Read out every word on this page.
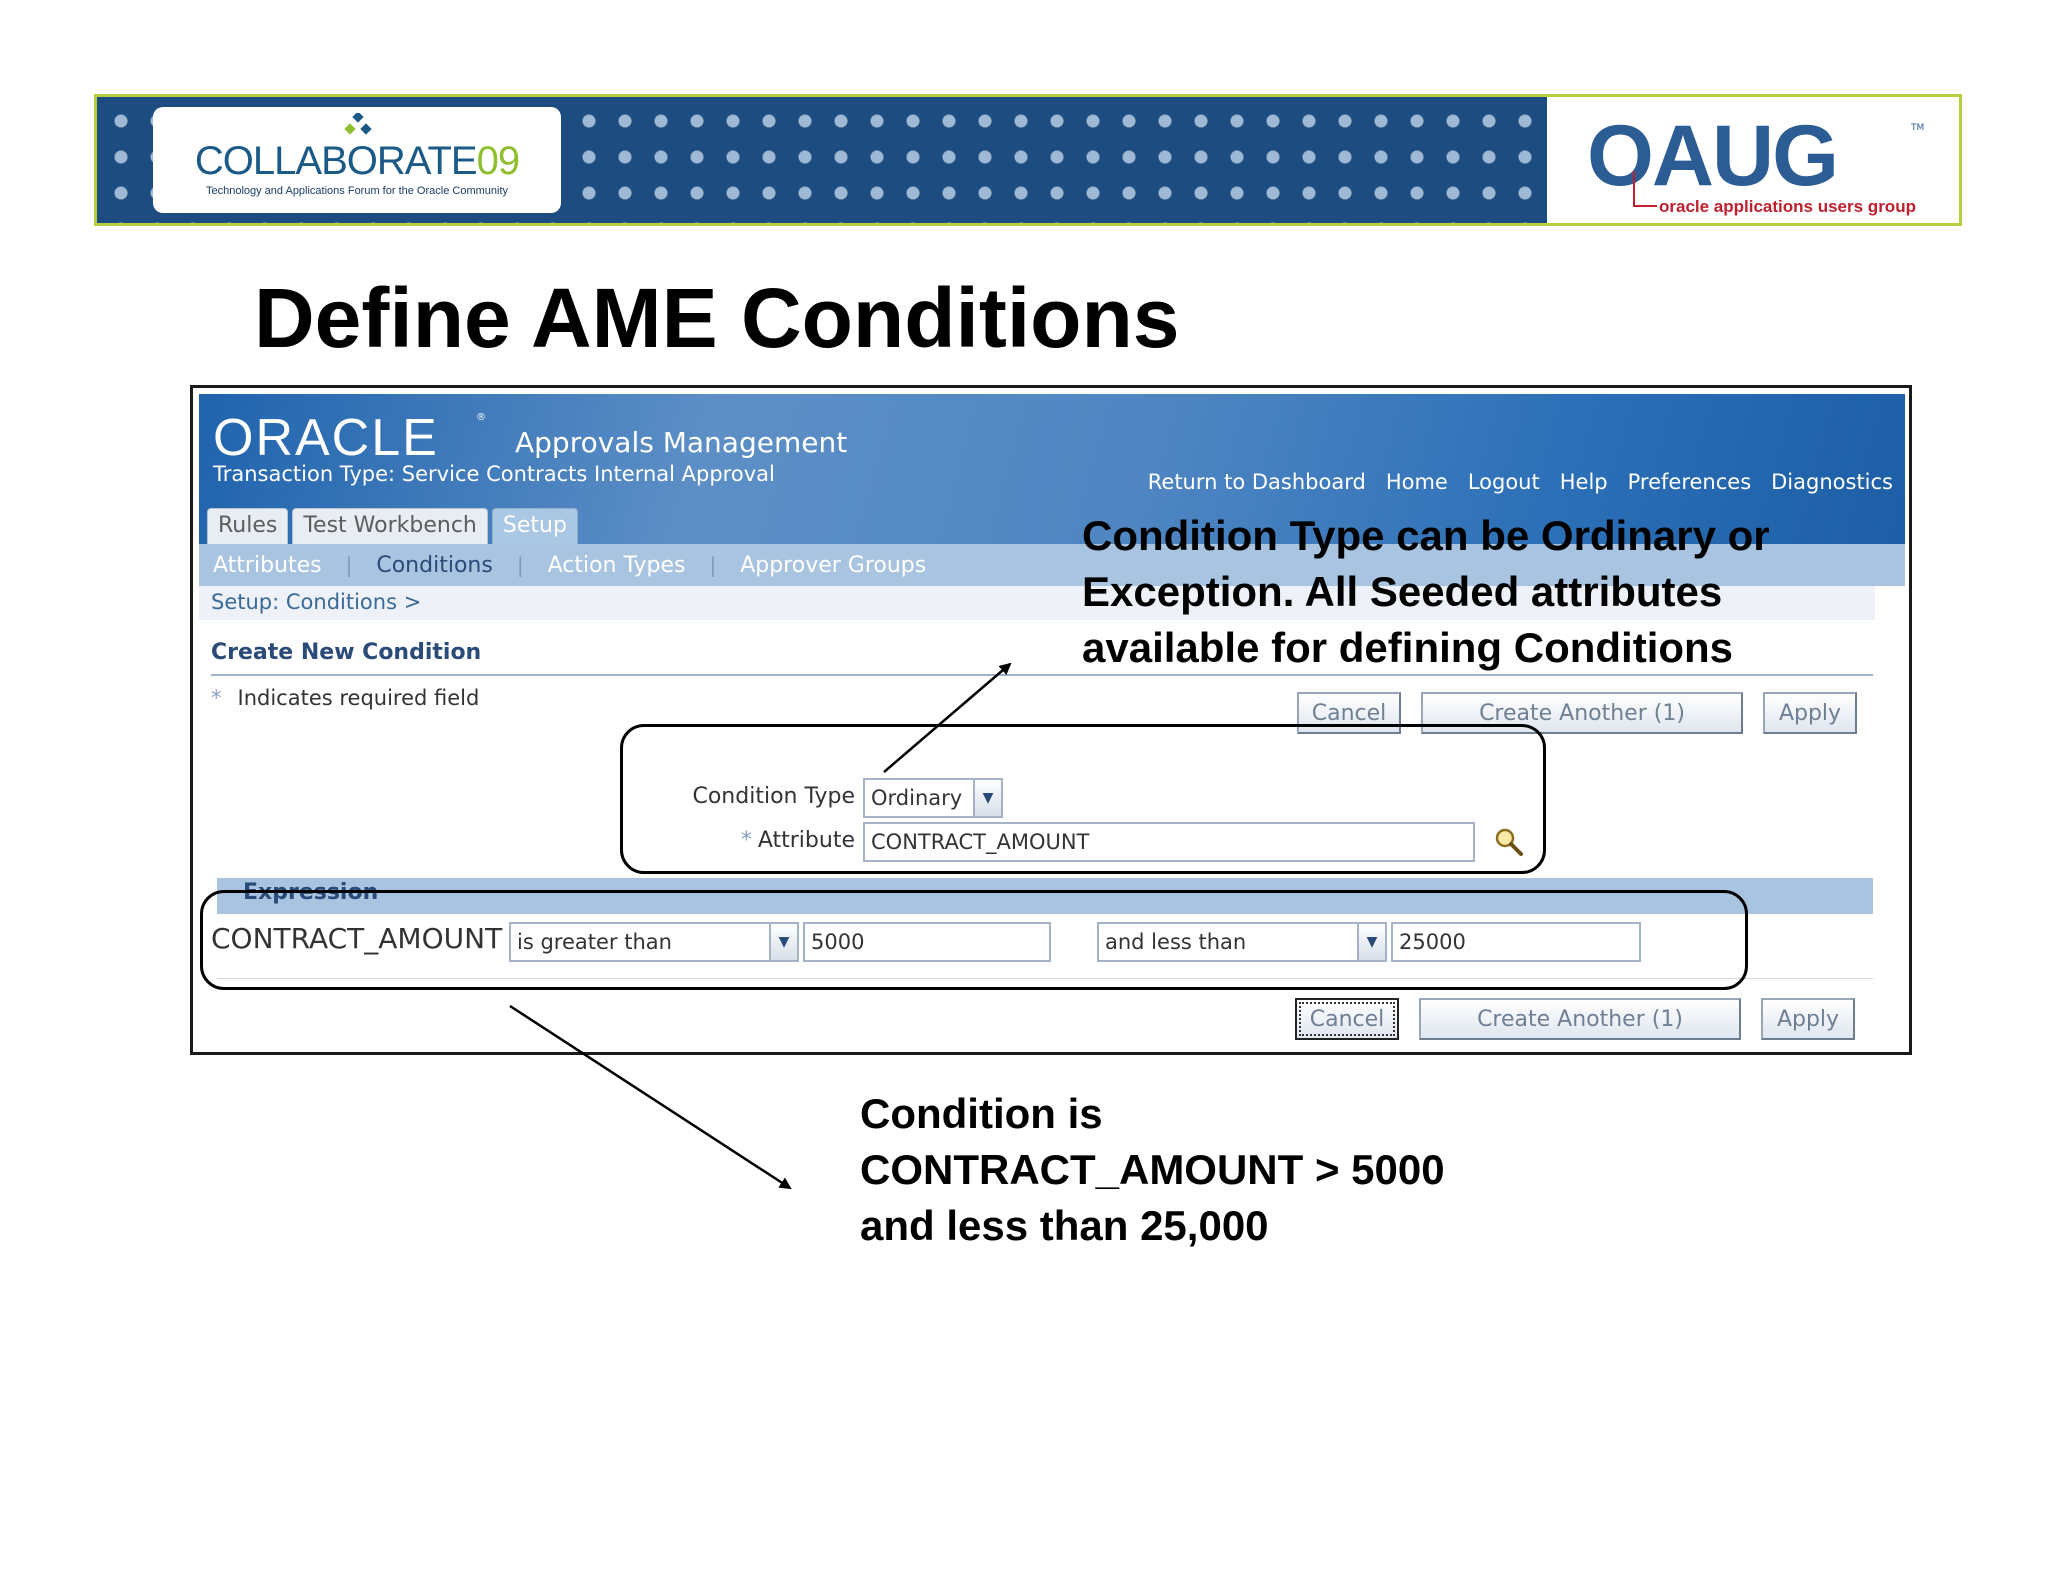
COLLABORATE09
Technology and Applications Forum for the Oracle Community	OAUG	TM
oracle applications users group
Define AME Conditions
ORACLE	®
Approvals Management
Transaction Type: Service Contracts Internal Approval	Return to Dashboard Home Logout Help Preferences Diagnostics
Rules	Test Workbench	Setup
Attributes | Conditions | Action Types | Approver Groups
Setup: Conditions >
Create New Condition
* Indicates required field
Cancel	Create Another (1)	Apply
Condition Type Ordinary	▼
* Attribute CONTRACT_AMOUNT
Expression
CONTRACT_AMOUNT is greater than	▼	5000	and less than	▼	25000
Cancel	Create Another (1)	Apply
Condition Type can be Ordinary or
Exception. All Seeded attributes
available for defining Conditions
Condition is
CONTRACT_AMOUNT > 5000
and less than 25,000
